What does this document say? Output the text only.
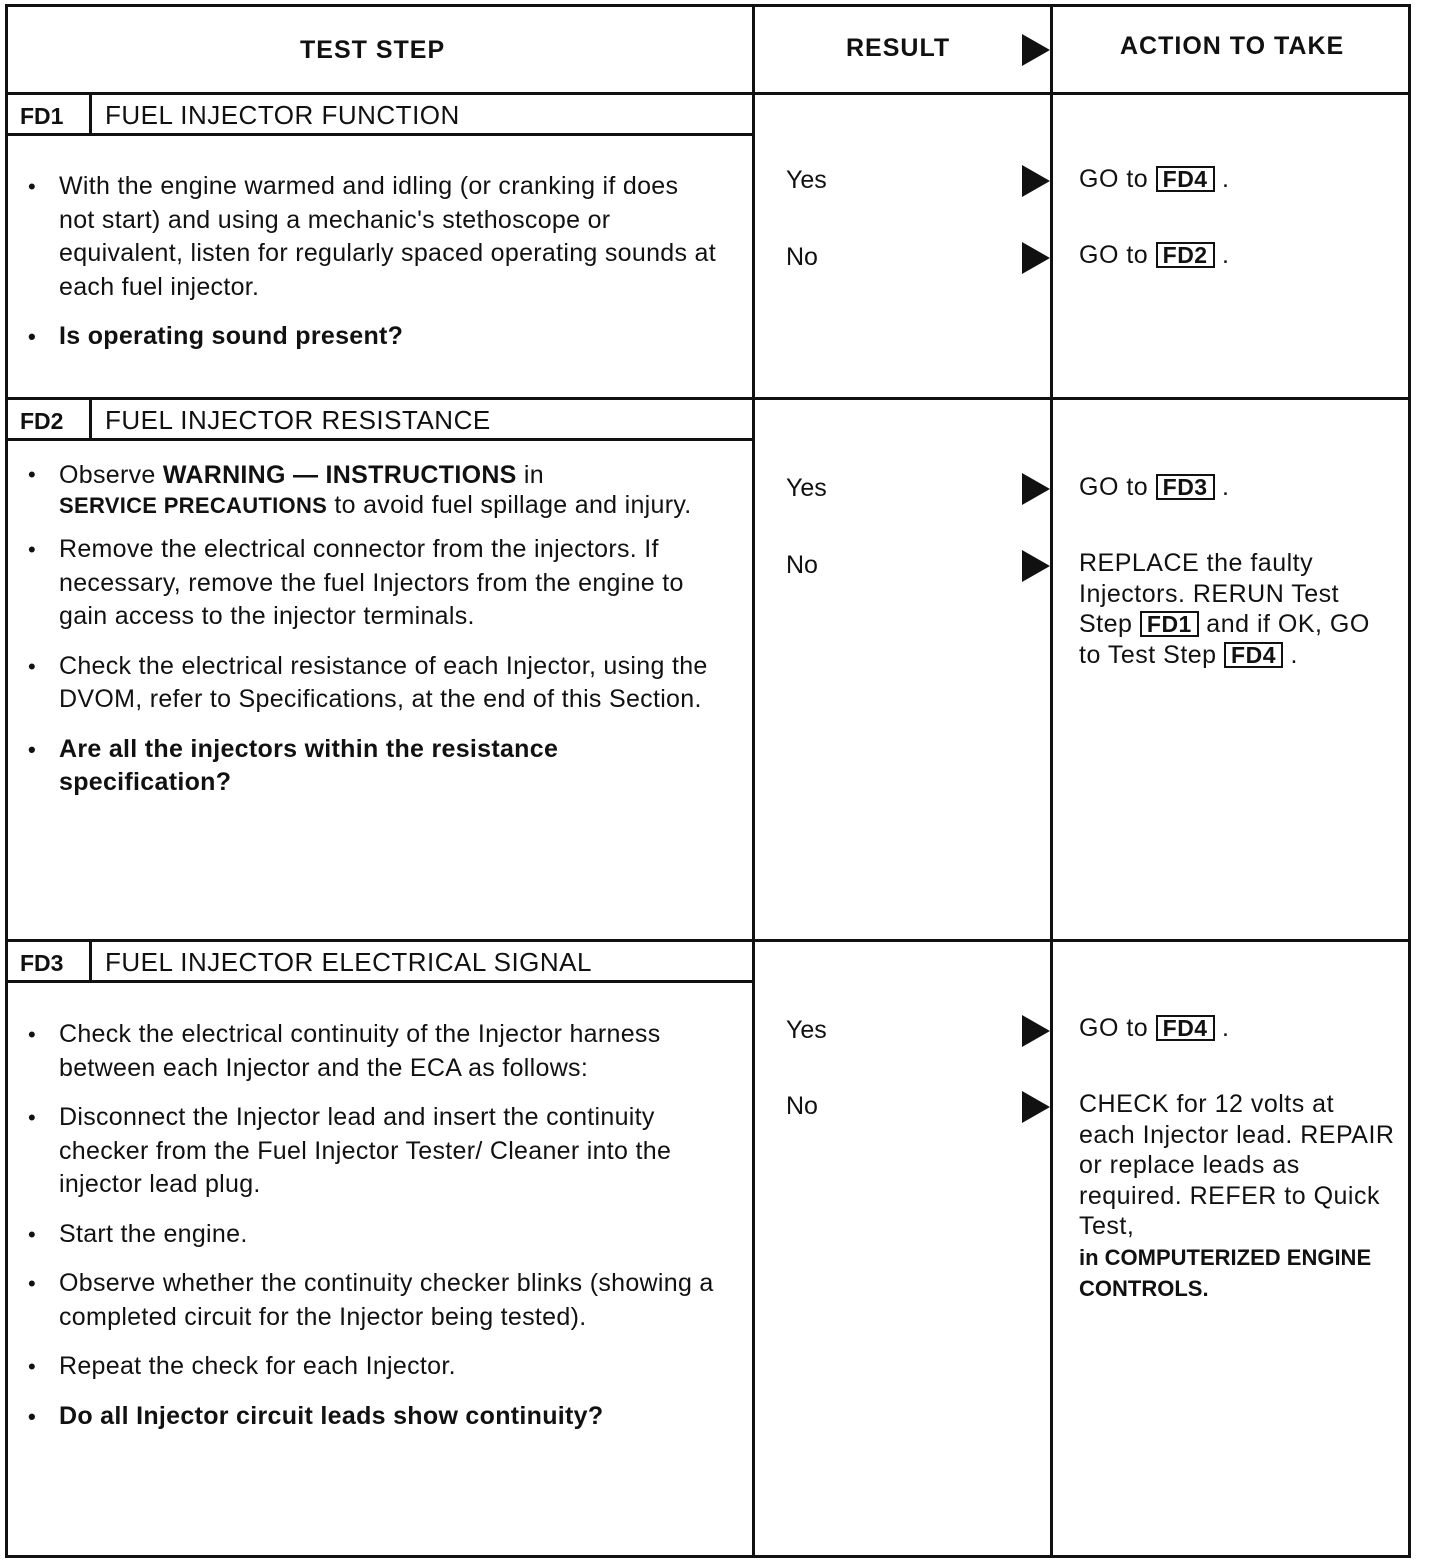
TEST STEP	RESULT	ACTION TO TAKE
FD1 FUEL INJECTOR FUNCTION
• With the engine warmed and idling (or cranking if does not start) and using a mechanic's stethoscope or equivalent, listen for regularly spaced operating sounds at each fuel injector.
• Is operating sound present?
Yes	GO to FD4 .
No	GO to FD2 .
FD2 FUEL INJECTOR RESISTANCE
• Observe WARNING — INSTRUCTIONS in
SERVICE PRECAUTIONS to avoid fuel spillage and injury.
• Remove the electrical connector from the injectors. If necessary, remove the fuel Injectors from the engine to gain access to the injector terminals.
• Check the electrical resistance of each Injector, using the DVOM, refer to Specifications, at the end of this Section.
• Are all the injectors within the resistance specification?
Yes	GO to FD3 .
No	REPLACE the faulty Injectors. RERUN Test Step FD1 and if OK, GO to Test Step FD4 .
FD3 FUEL INJECTOR ELECTRICAL SIGNAL
• Check the electrical continuity of the Injector harness between each Injector and the ECA as follows:
• Disconnect the Injector lead and insert the continuity checker from the Fuel Injector Tester/ Cleaner into the injector lead plug.
• Start the engine.
• Observe whether the continuity checker blinks (showing a completed circuit for the Injector being tested).
• Repeat the check for each Injector.
• Do all Injector circuit leads show continuity?
Yes	GO to FD4 .
No	CHECK for 12 volts at each Injector lead. REPAIR or replace leads as required. REFER to Quick Test,
in COMPUTERIZED ENGINE CONTROLS.
